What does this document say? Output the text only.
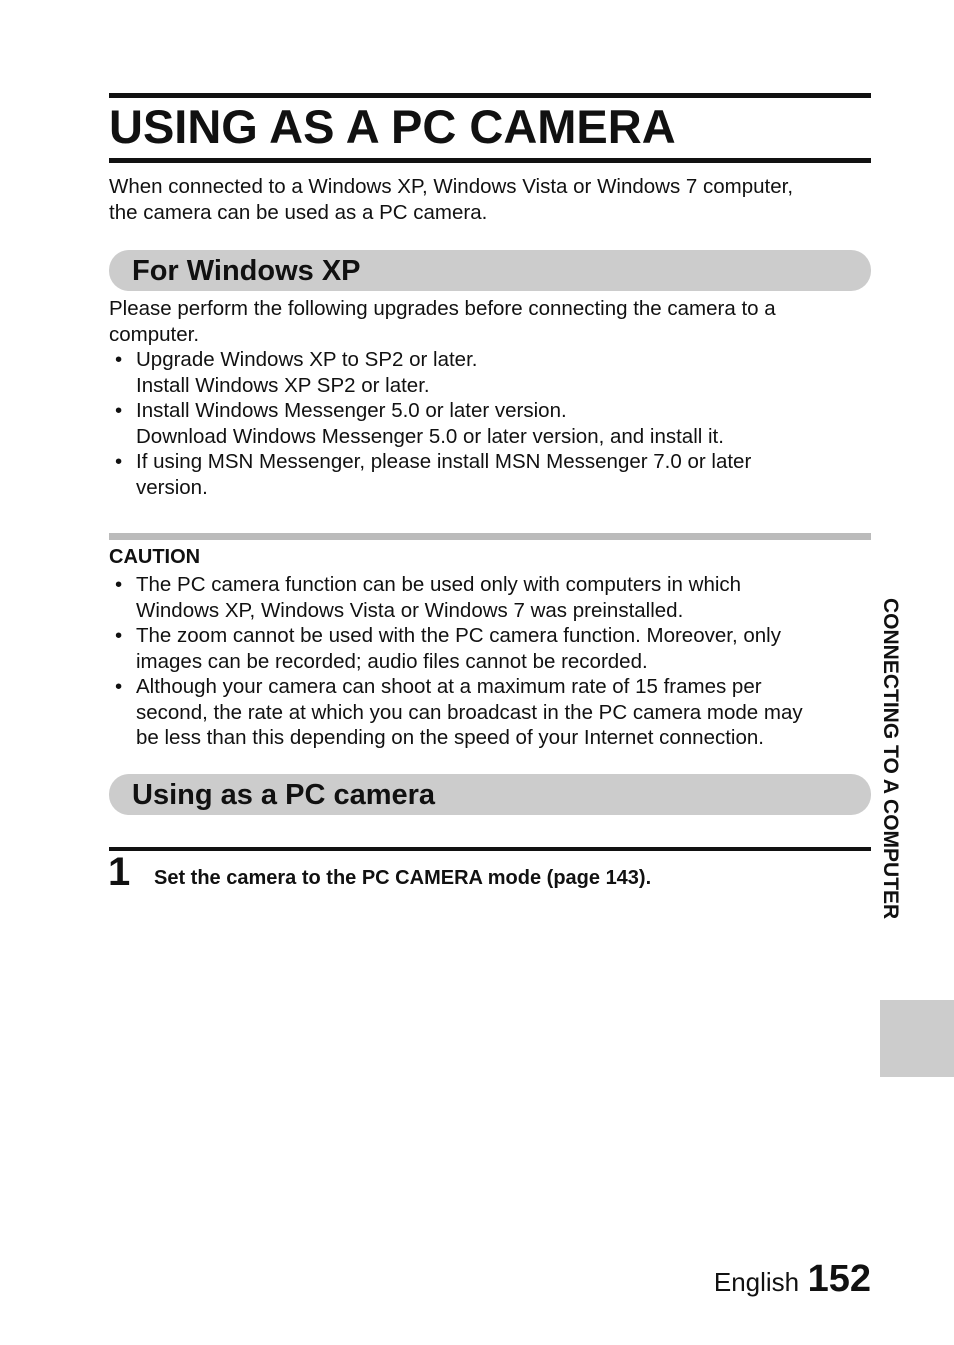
USING AS A PC CAMERA
When connected to a Windows XP, Windows Vista or Windows 7 computer,
the camera can be used as a PC camera.
For Windows XP
Please perform the following upgrades before connecting the camera to a
computer.
• Upgrade Windows XP to SP2 or later.
Install Windows XP SP2 or later.
• Install Windows Messenger 5.0 or later version.
Download Windows Messenger 5.0 or later version, and install it.
• If using MSN Messenger, please install MSN Messenger 7.0 or later
version.
CAUTION
• The PC camera function can be used only with computers in which
Windows XP, Windows Vista or Windows 7 was preinstalled.
• The zoom cannot be used with the PC camera function. Moreover, only
images can be recorded; audio files cannot be recorded.
• Although your camera can shoot at a maximum rate of 15 frames per
second, the rate at which you can broadcast in the PC camera mode may
be less than this depending on the speed of your Internet connection.
Using as a PC camera
1 Set the camera to the PC CAMERA mode (page 143).	CONNECTING TO A COMPUTER
English 152
